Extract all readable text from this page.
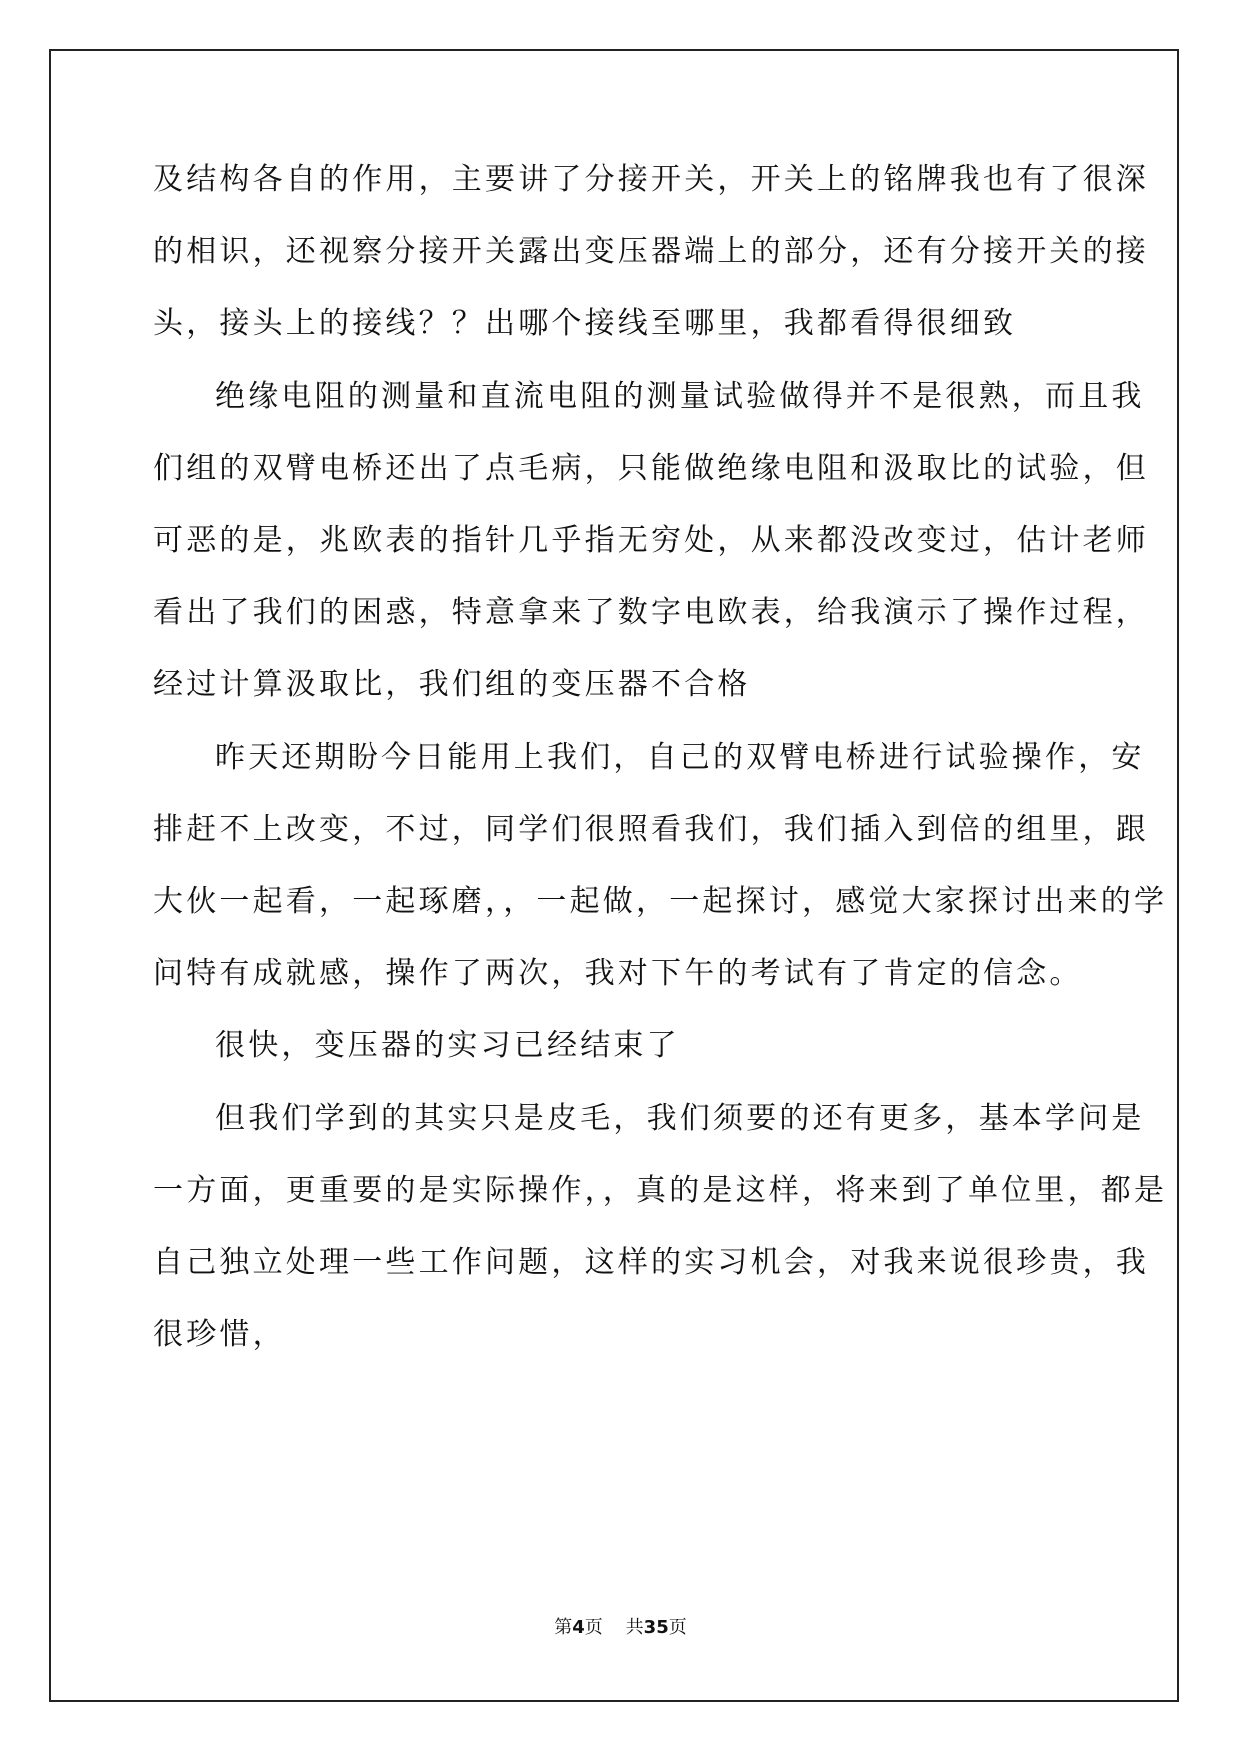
及结构各自的作用，主要讲了分接开关，开关上的铭牌我也有了很深
的相识，还视察分接开关露出变压器端上的部分，还有分接开关的接
头，接头上的接线？？出哪个接线至哪里，我都看得很细致
绝缘电阻的测量和直流电阻的测量试验做得并不是很熟，而且我
们组的双臂电桥还出了点毛病，只能做绝缘电阻和汲取比的试验，但
可恶的是，兆欧表的指针几乎指无穷处，从来都没改变过，估计老师
看出了我们的困惑，特意拿来了数字电欧表，给我演示了操作过程，
经过计算汲取比，我们组的变压器不合格
昨天还期盼今日能用上我们，自己的双臂电桥进行试验操作，安
排赶不上改变，不过，同学们很照看我们，我们插入到倍的组里，跟
大伙一起看，一起琢磨，，一起做，一起探讨，感觉大家探讨出来的学
问特有成就感，操作了两次，我对下午的考试有了肯定的信念。
很快，变压器的实习已经结束了
但我们学到的其实只是皮毛，我们须要的还有更多，基本学问是
一方面，更重要的是实际操作，，真的是这样，将来到了单位里，都是
自己独立处理一些工作问题，这样的实习机会，对我来说很珍贵，我
很珍惜，
第4页    共35页
